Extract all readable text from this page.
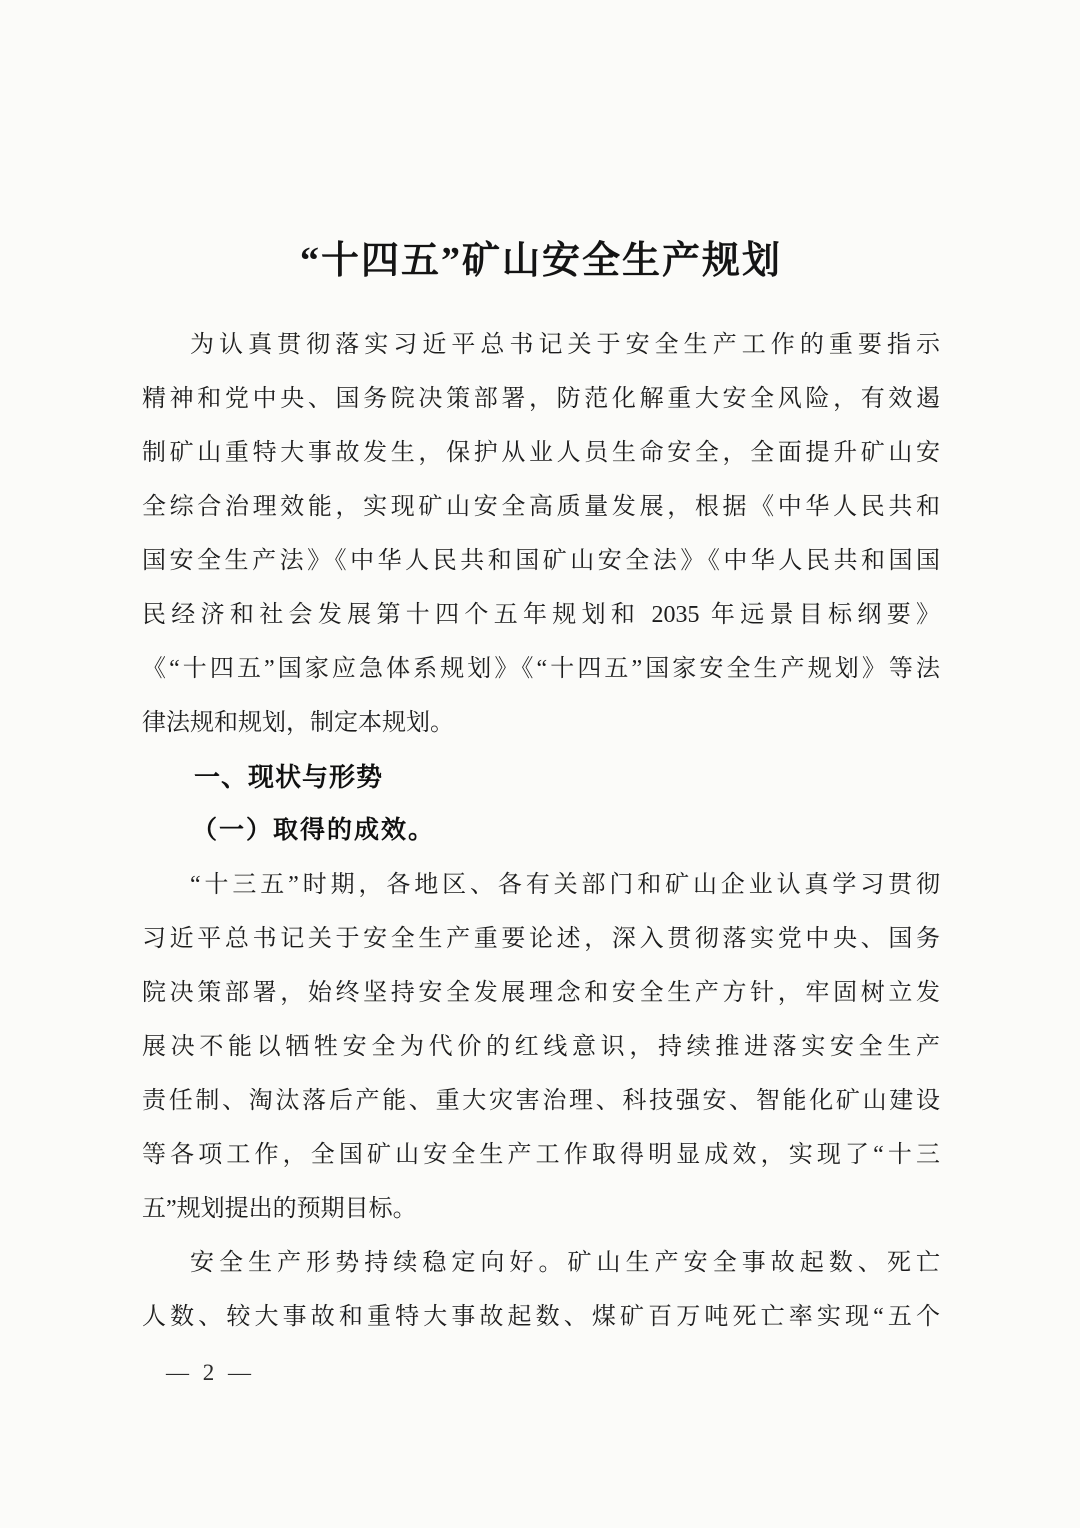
“十四五”矿山安全生产规划
为认真贯彻落实习近平总书记关于安全生产工作的重要指示
精神和党中央、国务院决策部署，防范化解重大安全风险，有效遏
制矿山重特大事故发生，保护从业人员生命安全，全面提升矿山安
全综合治理效能，实现矿山安全高质量发展，根据《中华人民共和
国安全生产法》《中华人民共和国矿山安全法》《中华人民共和国国
民经济和社会发展第十四个五年规划和 2035 年远景目标纲要》
《“十四五”国家应急体系规划》《“十四五”国家安全生产规划》等法
律法规和规划，制定本规划。
一、现状与形势
（一）取得的成效。
“十三五”时期，各地区、各有关部门和矿山企业认真学习贯彻
习近平总书记关于安全生产重要论述，深入贯彻落实党中央、国务
院决策部署，始终坚持安全发展理念和安全生产方针，牢固树立发
展决不能以牺牲安全为代价的红线意识，持续推进落实安全生产
责任制、淘汰落后产能、重大灾害治理、科技强安、智能化矿山建设
等各项工作，全国矿山安全生产工作取得明显成效，实现了“十三
五”规划提出的预期目标。
安全生产形势持续稳定向好。矿山生产安全事故起数、死亡
人数、较大事故和重特大事故起数、煤矿百万吨死亡率实现“五个
— 2 —
